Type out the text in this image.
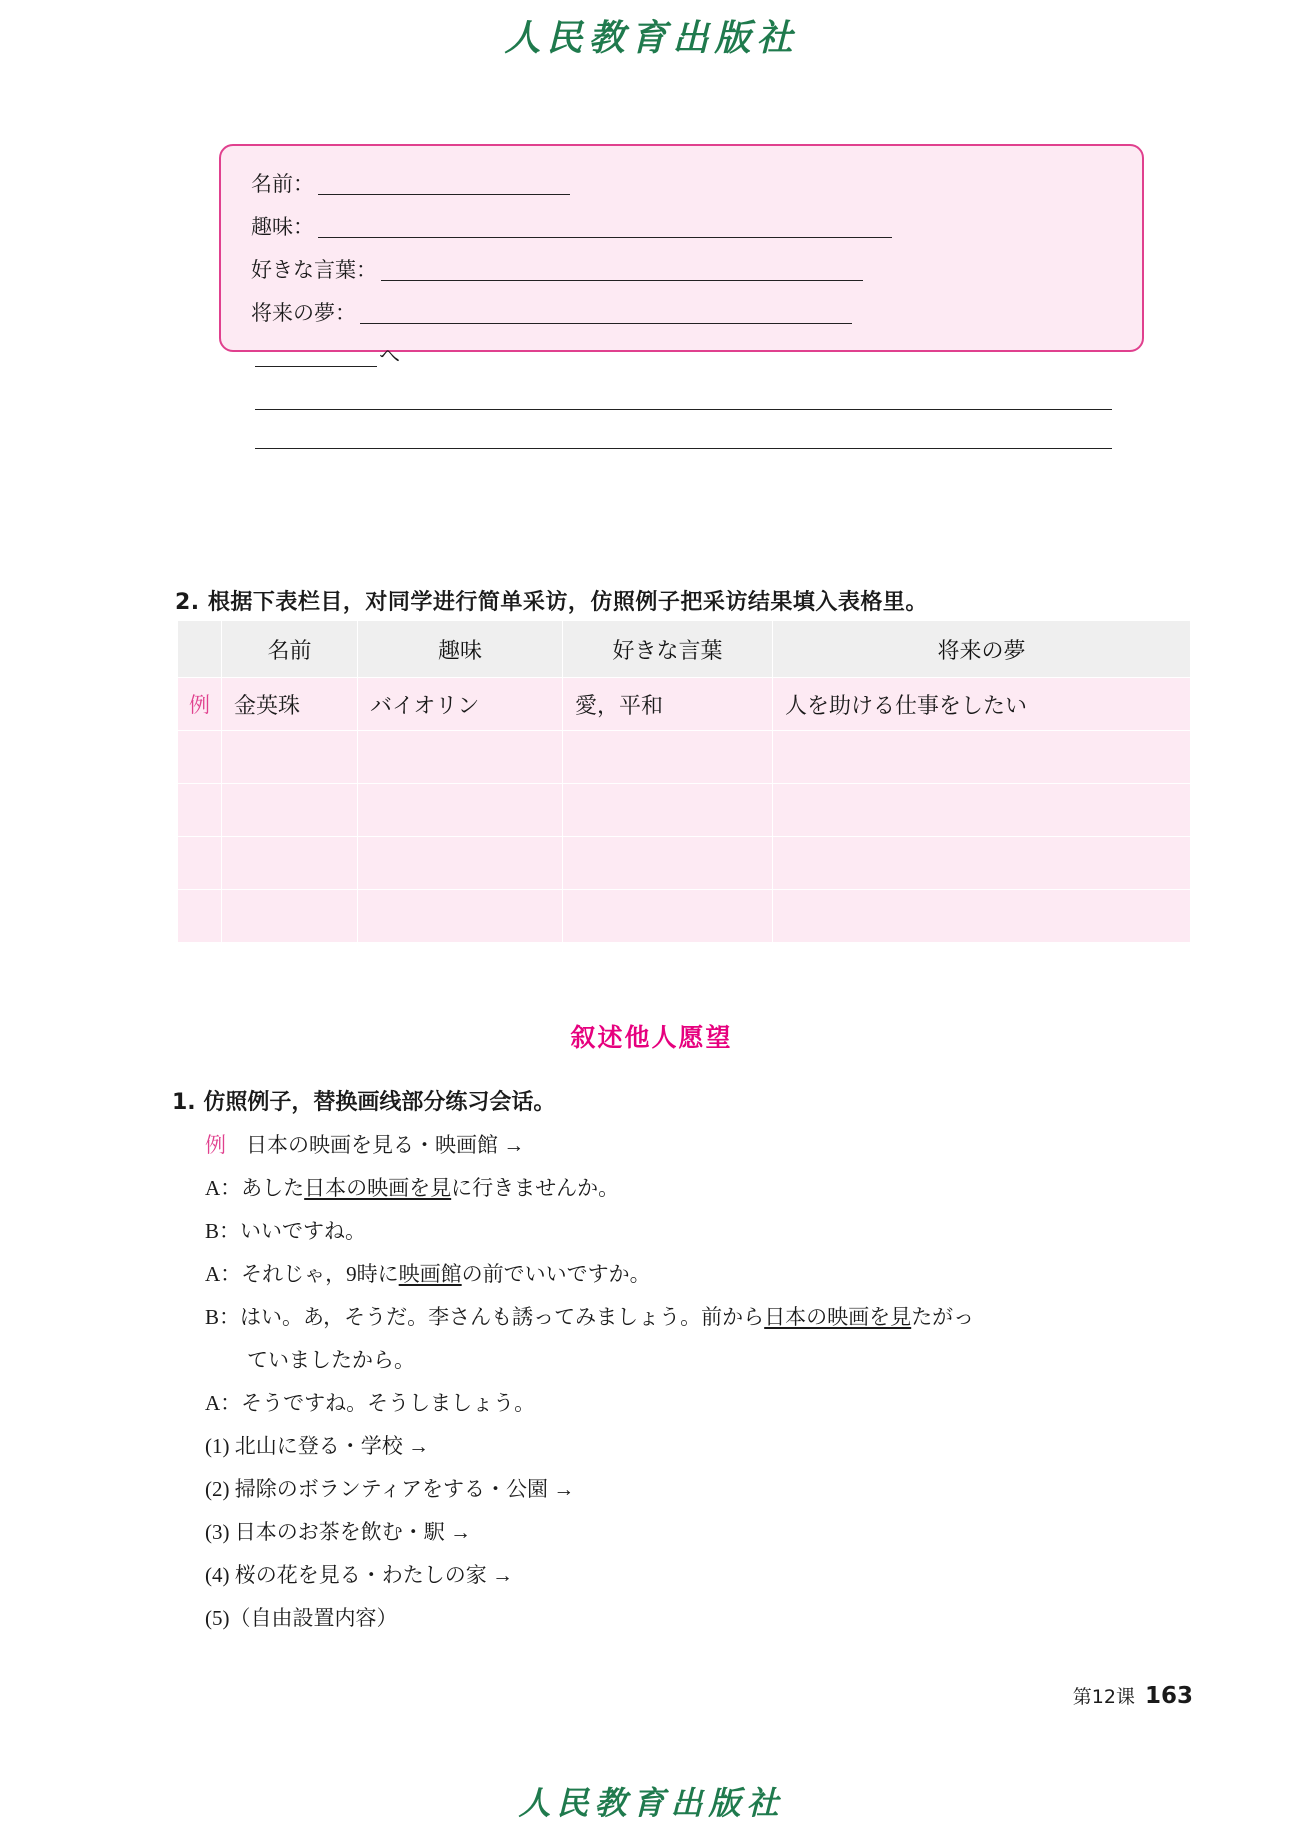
人民教育出版社
名前：
趣味：
好きな言葉：
将来の夢：
へ
2. 根据下表栏目，对同学进行简单采访，仿照例子把采访结果填入表格里。
	名前	趣味	好きな言葉	将来の夢
例	金英珠	バイオリン	愛，平和	人を助ける仕事をしたい

叙述他人愿望
1. 仿照例子，替换画线部分练习会话。
例 日本の映画を見る・映画館 →
A：あした日本の映画を見に行きませんか。
B：いいですね。
A：それじゃ，9時に映画館の前でいいですか。
B：はい。あ，そうだ。李さんも誘ってみましょう。前から日本の映画を見たがっ
ていましたから。
A：そうですね。そうしましょう。
(1) 北山に登る・学校 →
(2) 掃除のボランティアをする・公園 →
(3) 日本のお茶を飲む・駅 →
(4) 桜の花を見る・わたしの家 →
(5)（自由設置内容）
第12课 163
人民教育出版社
